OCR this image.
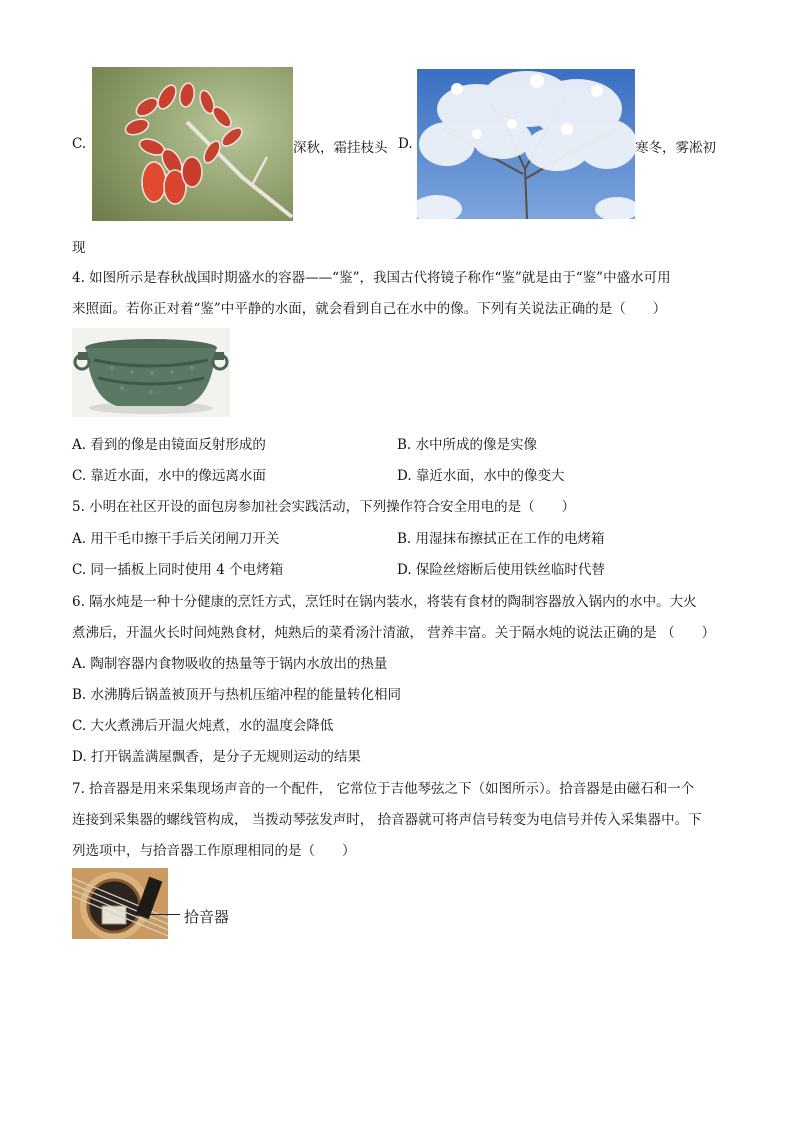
C.	深秋，霜挂枝头 D.	寒冬，雾凇初
现
4. 如图所示是春秋战国时期盛水的容器——“鉴”，我国古代将镜子称作“鉴”就是由于“鉴”中盛水可用
来照面。若你正对着“鉴”中平静的水面，就会看到自己在水中的像。下列有关说法正确的是（　　）
A. 看到的像是由镜面反射形成的	B. 水中所成的像是实像
C. 靠近水面，水中的像远离水面	D. 靠近水面，水中的像变大
5. 小明在社区开设的面包房参加社会实践活动，下列操作符合安全用电的是（　　）
A. 用干毛巾擦干手后关闭闸刀开关	B. 用湿抹布擦拭正在工作的电烤箱
C. 同一插板上同时使用 4 个电烤箱	D. 保险丝熔断后使用铁丝临时代替
6. 隔水炖是一种十分健康的烹饪方式，烹饪时在锅内装水，将装有食材的陶制容器放入锅内的水中。大火
煮沸后，开温火长时间炖熟食材，炖熟后的菜肴汤汁清澈， 营养丰富。关于隔水炖的说法正确的是 （　　）
A. 陶制容器内食物吸收的热量等于锅内水放出的热量
B. 水沸腾后锅盖被顶开与热机压缩冲程的能量转化相同
C. 大火煮沸后开温火炖煮，水的温度会降低
D. 打开锅盖满屋飘香，是分子无规则运动的结果
7. 拾音器是用来采集现场声音的一个配件， 它常位于吉他琴弦之下（如图所示）。拾音器是由磁石和一个
连接到采集器的螺线管构成， 当拨动琴弦发声时， 拾音器就可将声信号转变为电信号并传入采集器中。下
列选项中，与拾音器工作原理相同的是（　　）
拾音器
